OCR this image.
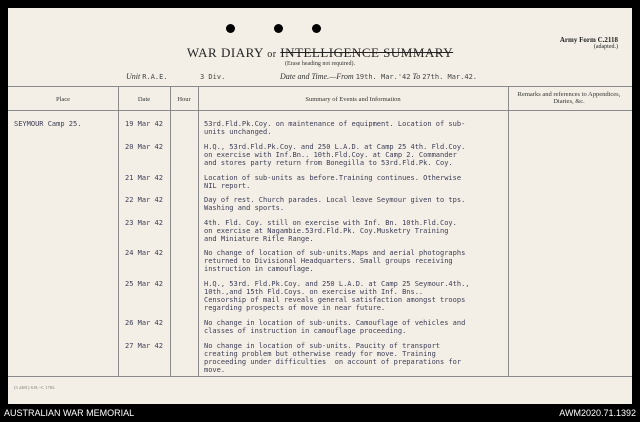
Army Form C.2118
(adapted.)
WAR DIARY or INTELLIGENCE SUMMARY
(Erase heading not required).
Unit R.A.E.	3 Div.	Date and Time.—From 19th. Mar.'42 To 27th. Mar.42.
Place	Date	Hour	Summary of Events and Information
Remarks and references to Appendices, Diaries, &c.
SEYMOUR Camp 25.	19 Mar 42	53rd.Fld.Pk.Coy. on maintenance of equipment. Location of sub-
units unchanged.
20 Mar 42	H.Q., 53rd.Fld.Pk.Coy. and 250 L.A.D. at Camp 25 4th. Fld.Coy.
on exercise with Inf.Bn.. 10th.Fld.Coy. at Camp 2. Commander
and stores party return from Bonegilla to 53rd.Fld.Pk. Coy.
21 Mar 42	Location of sub-units as before.Training continues. Otherwise
NIL report.
22 Mar 42	Day of rest. Church parades. Local leave Seymour given to tps.
Washing and sports.
23 Mar 42	4th. Fld. Coy. still on exercise with Inf. Bn. 10th.Fld.Coy.
on exercise at Nagambie.53rd.Fld.Pk. Coy.Musketry Training
and Miniature Rifle Range.
24 Mar 42	No change of location of sub-units.Maps and aerial photographs
returned to Divisional Headquarters. Small groups receiving
instruction in camouflage.
25 Mar 42	H.Q., 53rd. Fld.Pk.Coy. and 250 L.A.D. at Camp 25 Seymour.4th.,
10th.,and 15th Fld.Coys. on exercise with Inf. Bns..
Censorship of mail reveals general satisfaction amongst troops
regarding prospects of move in near future.
26 Mar 42	No change in location of sub-units. Camouflage of vehicles and
classes of instruction in camouflage proceeding.
27 Mar 42	No change in location of sub-units. Paucity of transport
creating problem but otherwise ready for move. Training
proceeding under difficulties  on account of preparations for
move.
(5 2481) S.B.--C 1765.
AUSTRALIAN WAR MEMORIAL	AWM2020.71.1392
